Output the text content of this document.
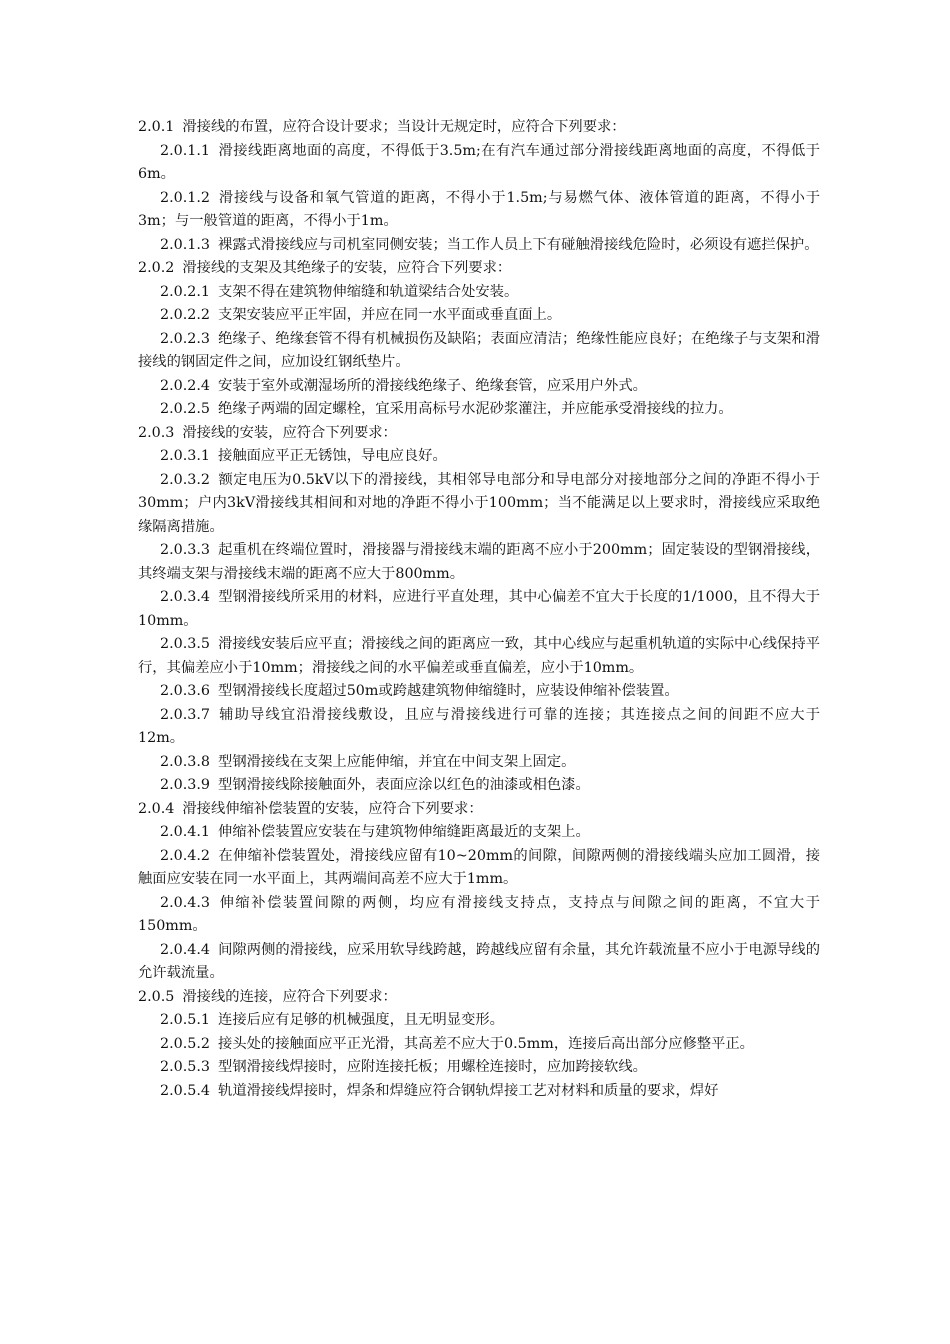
2.0.1 滑接线的布置，应符合设计要求；当设计无规定时，应符合下列要求：

2.0.1.1 滑接线距离地面的高度，不得低于3.5m;在有汽车通过部分滑接线距离地面的高度，不得低于6m。

2.0.1.2 滑接线与设备和氧气管道的距离，不得小于1.5m;与易燃气体、液体管道的距离，不得小于3m；与一般管道的距离，不得小于1m。

2.0.1.3 裸露式滑接线应与司机室同侧安装；当工作人员上下有碰触滑接线危险时，必须设有遮拦保护。

2.0.2 滑接线的支架及其绝缘子的安装，应符合下列要求：

2.0.2.1 支架不得在建筑物伸缩缝和轨道梁结合处安装。

2.0.2.2 支架安装应平正牢固，并应在同一水平面或垂直面上。

2.0.2.3 绝缘子、绝缘套管不得有机械损伤及缺陷；表面应清洁；绝缘性能应良好；在绝缘子与支架和滑接线的钢固定件之间，应加设红钢纸垫片。

2.0.2.4 安装于室外或潮湿场所的滑接线绝缘子、绝缘套管，应采用户外式。

2.0.2.5 绝缘子两端的固定螺栓，宜采用高标号水泥砂浆灌注，并应能承受滑接线的拉力。

2.0.3 滑接线的安装，应符合下列要求：

2.0.3.1 接触面应平正无锈蚀，导电应良好。

2.0.3.2 额定电压为0.5kV以下的滑接线，其相邻导电部分和导电部分对接地部分之间的净距不得小于30mm；户内3kV滑接线其相间和对地的净距不得小于100mm；当不能满足以上要求时，滑接线应采取绝缘隔离措施。

2.0.3.3 起重机在终端位置时，滑接器与滑接线末端的距离不应小于200mm；固定装设的型钢滑接线，其终端支架与滑接线末端的距离不应大于800mm。

2.0.3.4 型钢滑接线所采用的材料，应进行平直处理，其中心偏差不宜大于长度的1/1000，且不得大于10mm。

2.0.3.5 滑接线安装后应平直；滑接线之间的距离应一致，其中心线应与起重机轨道的实际中心线保持平行，其偏差应小于10mm；滑接线之间的水平偏差或垂直偏差，应小于10mm。

2.0.3.6 型钢滑接线长度超过50m或跨越建筑物伸缩缝时，应装设伸缩补偿装置。

2.0.3.7 辅助导线宜沿滑接线敷设，且应与滑接线进行可靠的连接；其连接点之间的间距不应大于12m。

2.0.3.8 型钢滑接线在支架上应能伸缩，并宜在中间支架上固定。

2.0.3.9 型钢滑接线除接触面外，表面应涂以红色的油漆或相色漆。

2.0.4 滑接线伸缩补偿装置的安装，应符合下列要求：

2.0.4.1 伸缩补偿装置应安装在与建筑物伸缩缝距离最近的支架上。

2.0.4.2 在伸缩补偿装置处，滑接线应留有10~20mm的间隙，间隙两侧的滑接线端头应加工圆滑，接触面应安装在同一水平面上，其两端间高差不应大于1mm。

2.0.4.3 伸缩补偿装置间隙的两侧，均应有滑接线支持点，支持点与间隙之间的距离，不宜大于150mm。

2.0.4.4 间隙两侧的滑接线，应采用软导线跨越，跨越线应留有余量，其允许载流量不应小于电源导线的允许载流量。

2.0.5 滑接线的连接，应符合下列要求：

2.0.5.1 连接后应有足够的机械强度，且无明显变形。

2.0.5.2 接头处的接触面应平正光滑，其高差不应大于0.5mm，连接后高出部分应修整平正。

2.0.5.3 型钢滑接线焊接时，应附连接托板；用螺栓连接时，应加跨接软线。

2.0.5.4 轨道滑接线焊接时，焊条和焊缝应符合钢轨焊接工艺对材料和质量的要求，焊好
